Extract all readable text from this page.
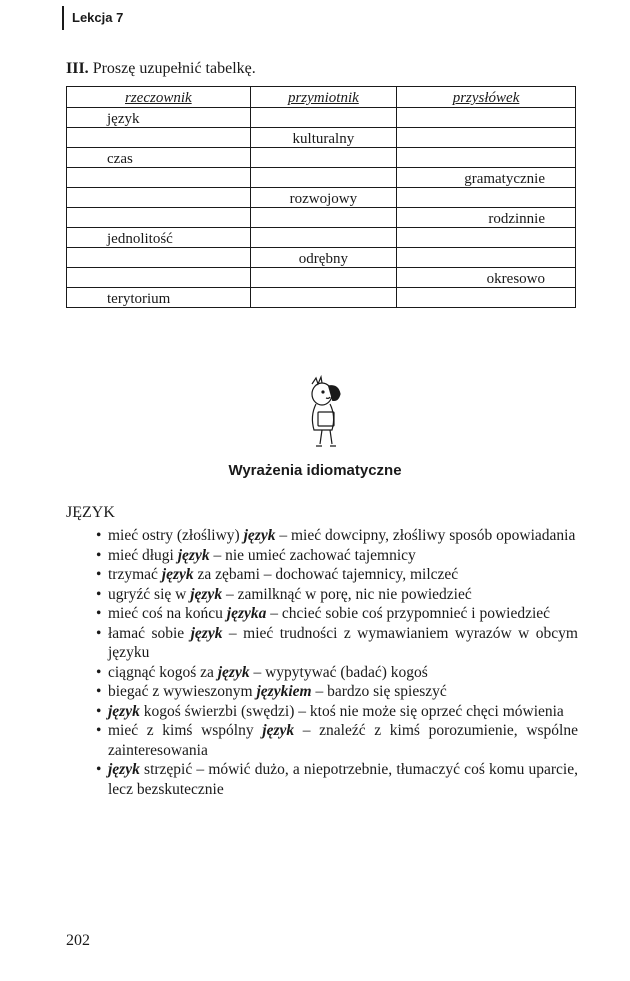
Lekcja 7
III. Proszę uzupełnić tabelkę.
rzeczownik	przymiotnik	przysłówek

język		

	kulturalny	

czas		

		gramatycznie

	rozwojowy	

		rodzinnie

jednolitość		

	odrębny	

		okresowo

terytorium		

Wyrażenia idiomatyczne
JĘZYK
• mieć ostry (złośliwy) język – mieć dowcipny, złośliwy sposób opowiadania
• mieć długi język – nie umieć zachować tajemnicy
• trzymać język za zębami – dochować tajemnicy, milczeć
• ugryźć się w język – zamilknąć w porę, nic nie powiedzieć
• mieć coś na końcu języka – chcieć sobie coś przypomnieć i powiedzieć
• łamać sobie język – mieć trudności z wymawianiem wyrazów w obcym języku
• ciągnąć kogoś za język – wypytywać (badać) kogoś
• biegać z wywieszonym językiem – bardzo się spieszyć
• język kogoś świerzbi (swędzi) – ktoś nie może się oprzeć chęci mówienia
• mieć z kimś wspólny język – znaleźć z kimś porozumienie, wspólne zainteresowania
• język strzępić – mówić dużo, a niepotrzebnie, tłumaczyć coś komu uparcie, lecz bezskutecznie
202
